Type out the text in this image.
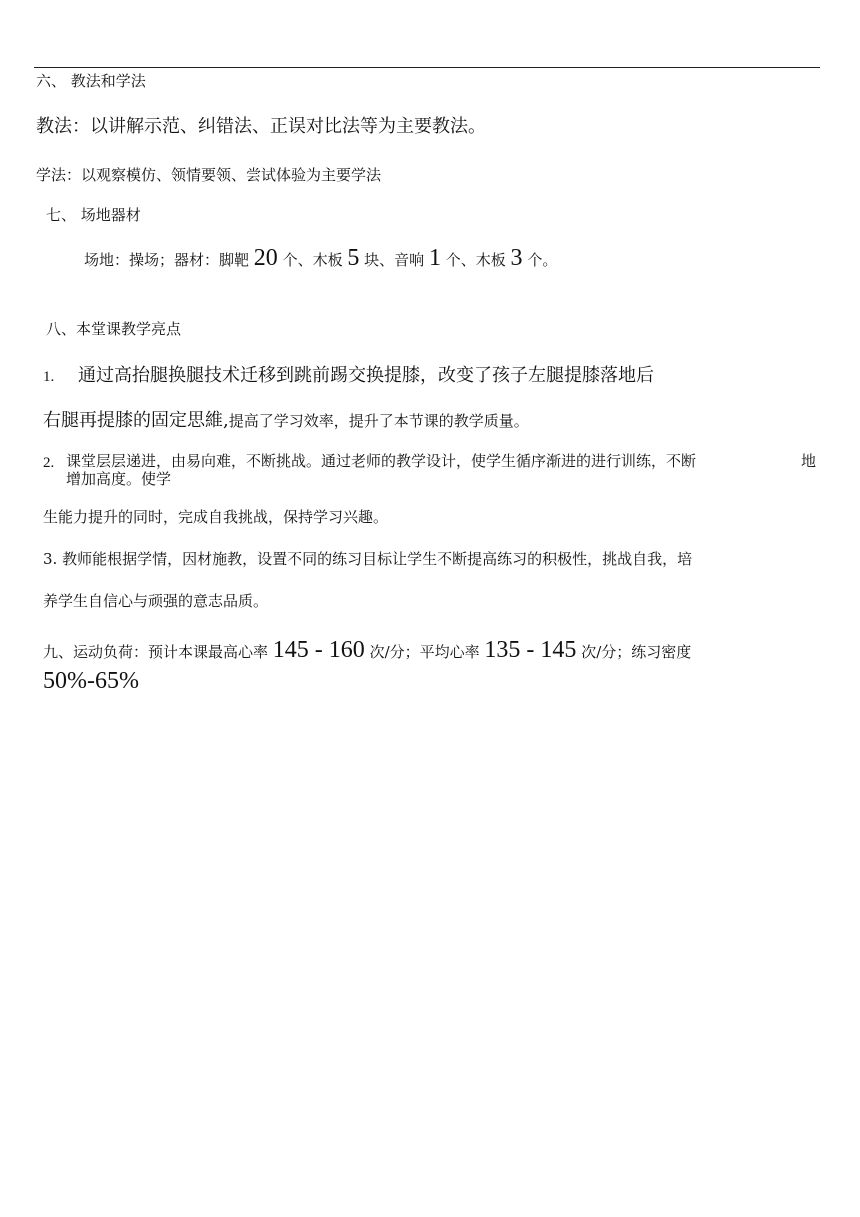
六、 教法和学法
教法：以讲解示范、纠错法、正误对比法等为主要教法。
学法：以观察模仿、领情要领、尝试体验为主要学法
七、 场地器材
场地：操场；器材：脚靶 20 个、木板 5 块、音响 1 个、木板 3 个。
八、本堂课教学亮点
1. 通过高抬腿换腿技术迁移到跳前踢交换提膝，改变了孩子左腿提膝落地后
右腿再提膝的固定思維,提高了学习效率，提升了本节课的教学质量。
2. 课堂层层递进，由易向难，不断挑战。通过老师的教学设计，使学生循序渐进的进行训练，不断	地
增加高度。使学
生能力提升的同时，完成自我挑战，保持学习兴趣。
3. 教师能根据学情，因材施教，设置不同的练习目标让学生不断提高练习的积极性，挑战自我，培
养学生自信心与顽强的意志品质。
九、运动负荷：预计本课最高心率 145 - 160 次/分；平均心率 135 - 145 次/分；练习密度
50%-65%
